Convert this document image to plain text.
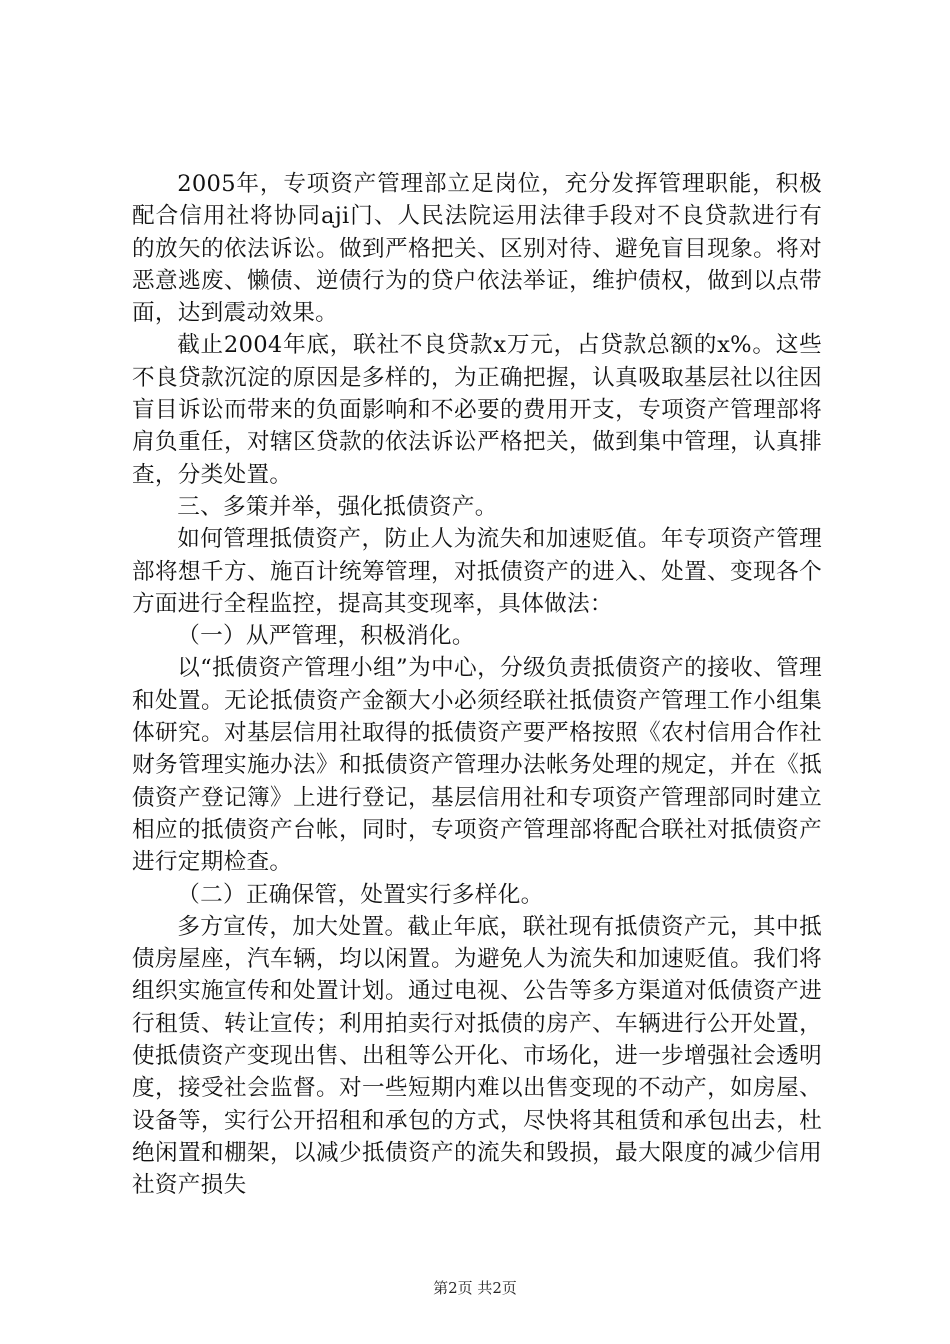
2005年，专项资产管理部立足岗位，充分发挥管理职能，积极配合信用社将协同aji门、人民法院运用法律手段对不良贷款进行有的放矢的依法诉讼。做到严格把关、区别对待、避免盲目现象。将对恶意逃废、懒债、逆债行为的贷户依法举证，维护债权，做到以点带面，达到震动效果。

截止2004年底，联社不良贷款x万元，占贷款总额的x%。这些不良贷款沉淀的原因是多样的，为正确把握，认真吸取基层社以往因盲目诉讼而带来的负面影响和不必要的费用开支，专项资产管理部将肩负重任，对辖区贷款的依法诉讼严格把关，做到集中管理，认真排查，分类处置。

三、多策并举，强化抵债资产。

如何管理抵债资产，防止人为流失和加速贬值。年专项资产管理部将想千方、施百计统筹管理，对抵债资产的进入、处置、变现各个方面进行全程监控，提高其变现率，具体做法：

（一）从严管理，积极消化。

以“抵债资产管理小组”为中心，分级负责抵债资产的接收、管理和处置。无论抵债资产金额大小必须经联社抵债资产管理工作小组集体研究。对基层信用社取得的抵债资产要严格按照《农村信用合作社财务管理实施办法》和抵债资产管理办法帐务处理的规定，并在《抵债资产登记簿》上进行登记，基层信用社和专项资产管理部同时建立相应的抵债资产台帐，同时，专项资产管理部将配合联社对抵债资产进行定期检查。

（二）正确保管，处置实行多样化。

多方宣传，加大处置。截止年底，联社现有抵债资产元，其中抵债房屋座，汽车辆，均以闲置。为避免人为流失和加速贬值。我们将组织实施宣传和处置计划。通过电视、公告等多方渠道对低债资产进行租赁、转让宣传；利用拍卖行对抵债的房产、车辆进行公开处置，使抵债资产变现出售、出租等公开化、市场化，进一步增强社会透明度，接受社会监督。对一些短期内难以出售变现的不动产，如房屋、设备等，实行公开招租和承包的方式，尽快将其租赁和承包出去，杜绝闲置和棚架，以减少抵债资产的流失和毁损，最大限度的减少信用社资产损失

第2页 共2页
